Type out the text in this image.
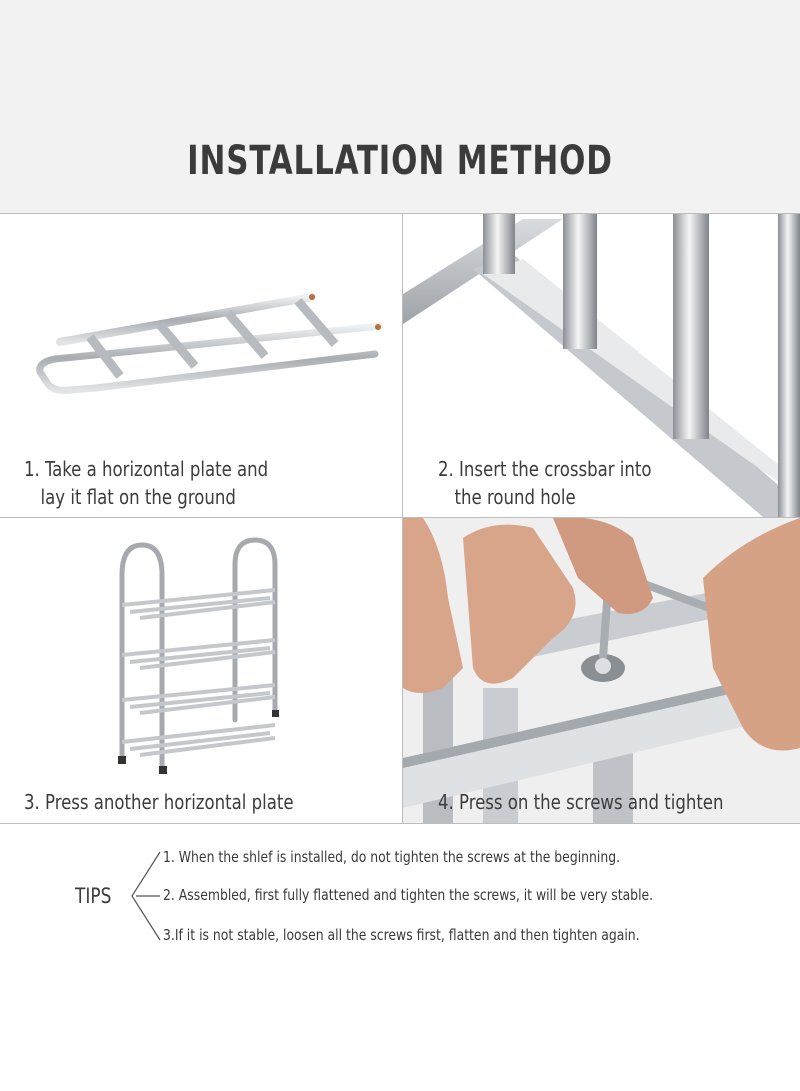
INSTALLATION METHOD
1. Take a horizontal plate and
lay it flat on the ground
2. Insert the crossbar into
the round hole
3. Press another horizontal plate	4. Press on the screws and tighten
TIPS
1. When the shlef is installed, do not tighten the screws at the beginning.
2. Assembled, first fully flattened and tighten the screws, it will be very stable.
3.If it is not stable, loosen all the screws first, flatten and then tighten again.
